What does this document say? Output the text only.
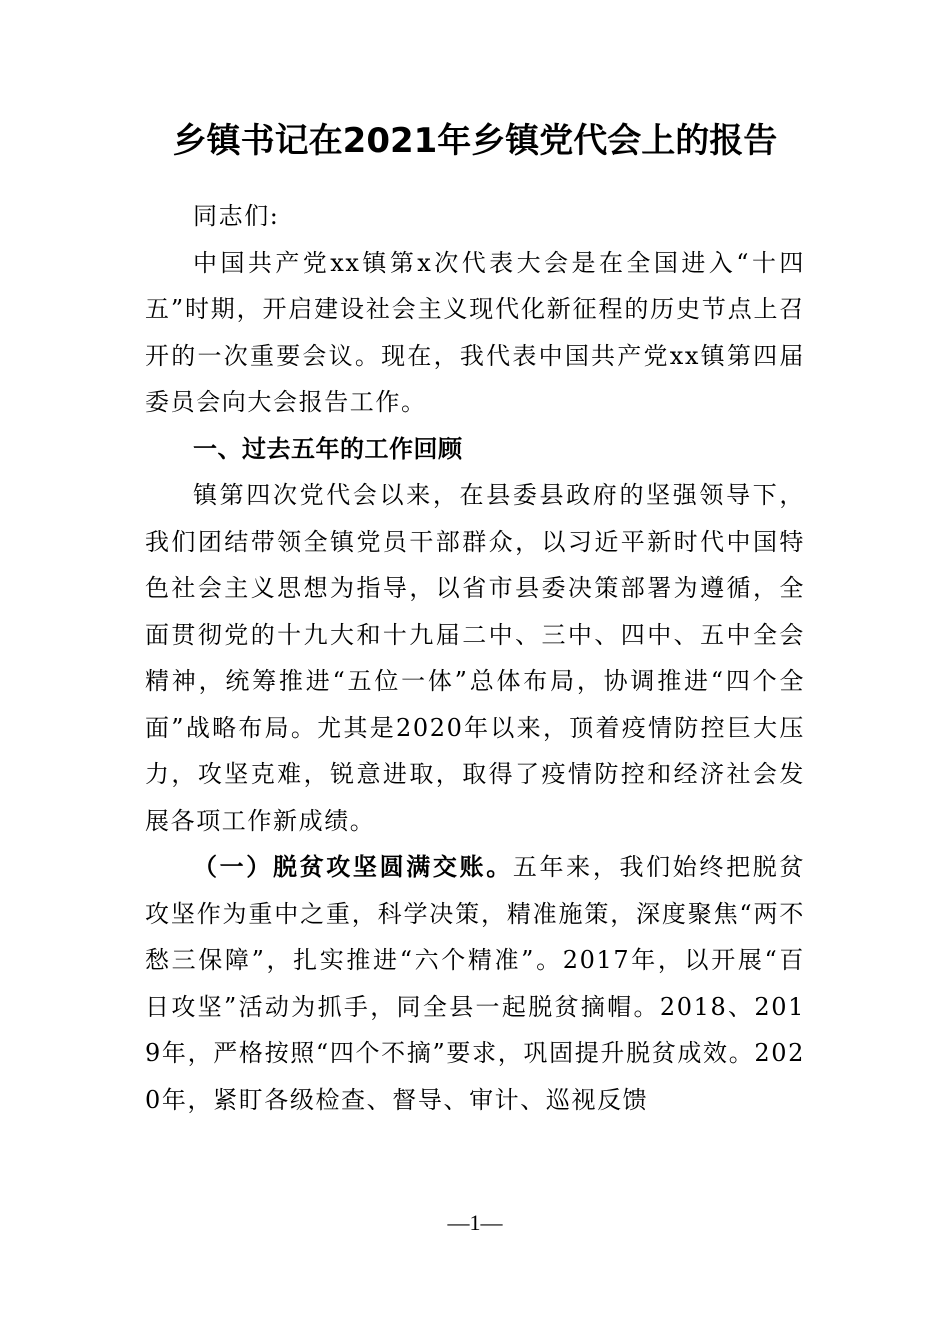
乡镇书记在2021年乡镇党代会上的报告

同志们:

中国共产党xx镇第x次代表大会是在全国进入“十四五”时期，开启建设社会主义现代化新征程的历史节点上召开的一次重要会议。现在，我代表中国共产党xx镇第四届委员会向大会报告工作。

一、过去五年的工作回顾

镇第四次党代会以来，在县委县政府的坚强领导下，我们团结带领全镇党员干部群众，以习近平新时代中国特色社会主义思想为指导，以省市县委决策部署为遵循，全面贯彻党的十九大和十九届二中、三中、四中、五中全会精神，统筹推进“五位一体”总体布局，协调推进“四个全面”战略布局。尤其是2020年以来，顶着疫情防控巨大压力，攻坚克难，锐意进取，取得了疫情防控和经济社会发展各项工作新成绩。

（一）脱贫攻坚圆满交账。五年来，我们始终把脱贫攻坚作为重中之重，科学决策，精准施策，深度聚焦“两不愁三保障”，扎实推进“六个精准”。2017年，以开展“百日攻坚”活动为抓手，同全县一起脱贫摘帽。2018、2019年，严格按照“四个不摘”要求，巩固提升脱贫成效。2020年，紧盯各级检查、督导、审计、巡视反馈

—1—
